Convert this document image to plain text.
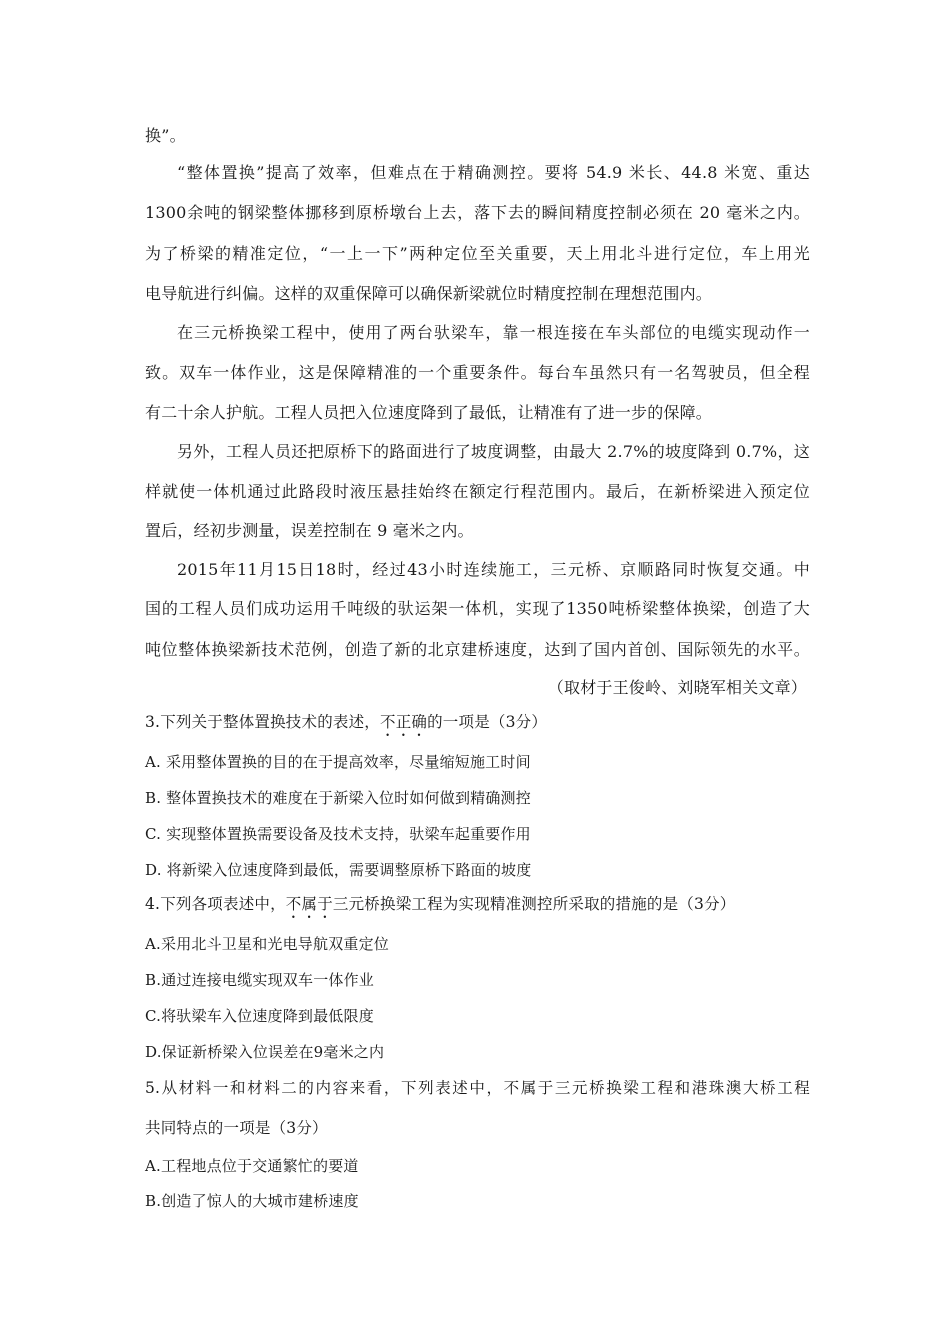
换”。
“整体置换”提高了效率，但难点在于精确测控。要将 54.9 米长、44.8 米宽、重达
1300余吨的钢梁整体挪移到原桥墩台上去，落下去的瞬间精度控制必须在 20 毫米之内。
为了桥梁的精准定位，“一上一下”两种定位至关重要，天上用北斗进行定位，车上用光
电导航进行纠偏。这样的双重保障可以确保新梁就位时精度控制在理想范围内。
在三元桥换梁工程中，使用了两台驮梁车，靠一根连接在车头部位的电缆实现动作一
致。双车一体作业，这是保障精准的一个重要条件。每台车虽然只有一名驾驶员，但全程
有二十余人护航。工程人员把入位速度降到了最低，让精准有了进一步的保障。
另外，工程人员还把原桥下的路面进行了坡度调整，由最大 2.7%的坡度降到 0.7%，这
样就使一体机通过此路段时液压悬挂始终在额定行程范围内。最后，在新桥梁进入预定位
置后，经初步测量，误差控制在 9 毫米之内。
2015年11月15日18时，经过43小时连续施工，三元桥、京顺路同时恢复交通。中
国的工程人员们成功运用千吨级的驮运架一体机，实现了1350吨桥梁整体换梁，创造了大
吨位整体换梁新技术范例，创造了新的北京建桥速度，达到了国内首创、国际领先的水平。
（取材于王俊岭、刘晓军相关文章）
3.下列关于整体置换技术的表述，不正确的一项是（3分）
A. 采用整体置换的目的在于提高效率，尽量缩短施工时间
B. 整体置换技术的难度在于新梁入位时如何做到精确测控
C. 实现整体置换需要设备及技术支持，驮梁车起重要作用
D. 将新梁入位速度降到最低，需要调整原桥下路面的坡度
4.下列各项表述中，不属于三元桥换梁工程为实现精准测控所采取的措施的是（3分）
A.采用北斗卫星和光电导航双重定位
B.通过连接电缆实现双车一体作业
C.将驮梁车入位速度降到最低限度
D.保证新桥梁入位误差在9毫米之内
5.从材料一和材料二的内容来看，下列表述中，不属于三元桥换梁工程和港珠澳大桥工程
共同特点的一项是（3分）
A.工程地点位于交通繁忙的要道
B.创造了惊人的大城市建桥速度
